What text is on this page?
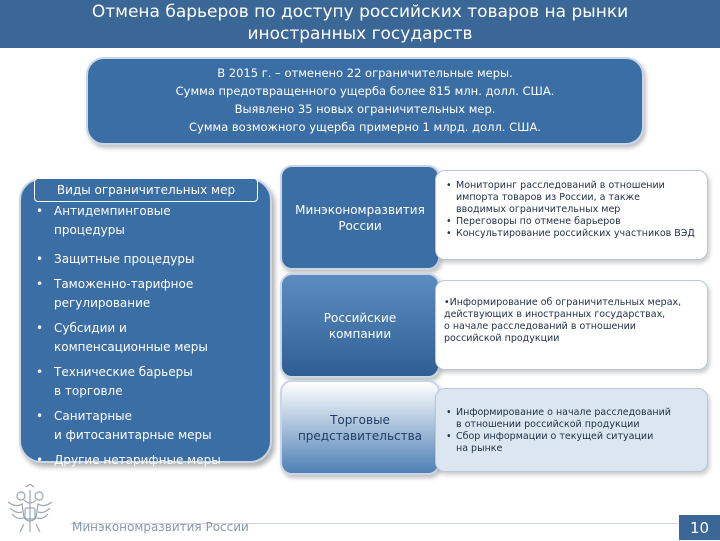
Отмена барьеров по доступу российских товаров на рынки
иностранных государств
В 2015 г. – отменено 22 ограничительные меры.
Сумма предотвращенного ущерба более 815 млн. долл. США.
Выявлено 35 новых ограничительных мер.
Сумма возможного ущерба примерно 1 млрд. долл. США.
Виды ограничительных мер
• Антидемпинговые
процедуры
• Защитные процедуры
• Таможенно-тарифное
регулирование
• Субсидии и
компенсационные меры
• Технические барьеры
в торговле
• Санитарные
и фитосанитарные меры
• Другие нетарифные меры
Минэкономразвития
России
Российские
компании
Торговые
представительства
• Мониторинг расследований в отношении
импорта товаров из России, а также
вводимых ограничительных мер
• Переговоры по отмене барьеров
• Консультирование российских участников ВЭД
•Информирование об ограничительных мерах,
действующих в иностранных государствах,
о начале расследований в отношении
российской продукции
• Информирование о начале расследований
в отношении российской продукции
• Сбор информации о текущей ситуации
на рынке
Минэкономразвития России	10
